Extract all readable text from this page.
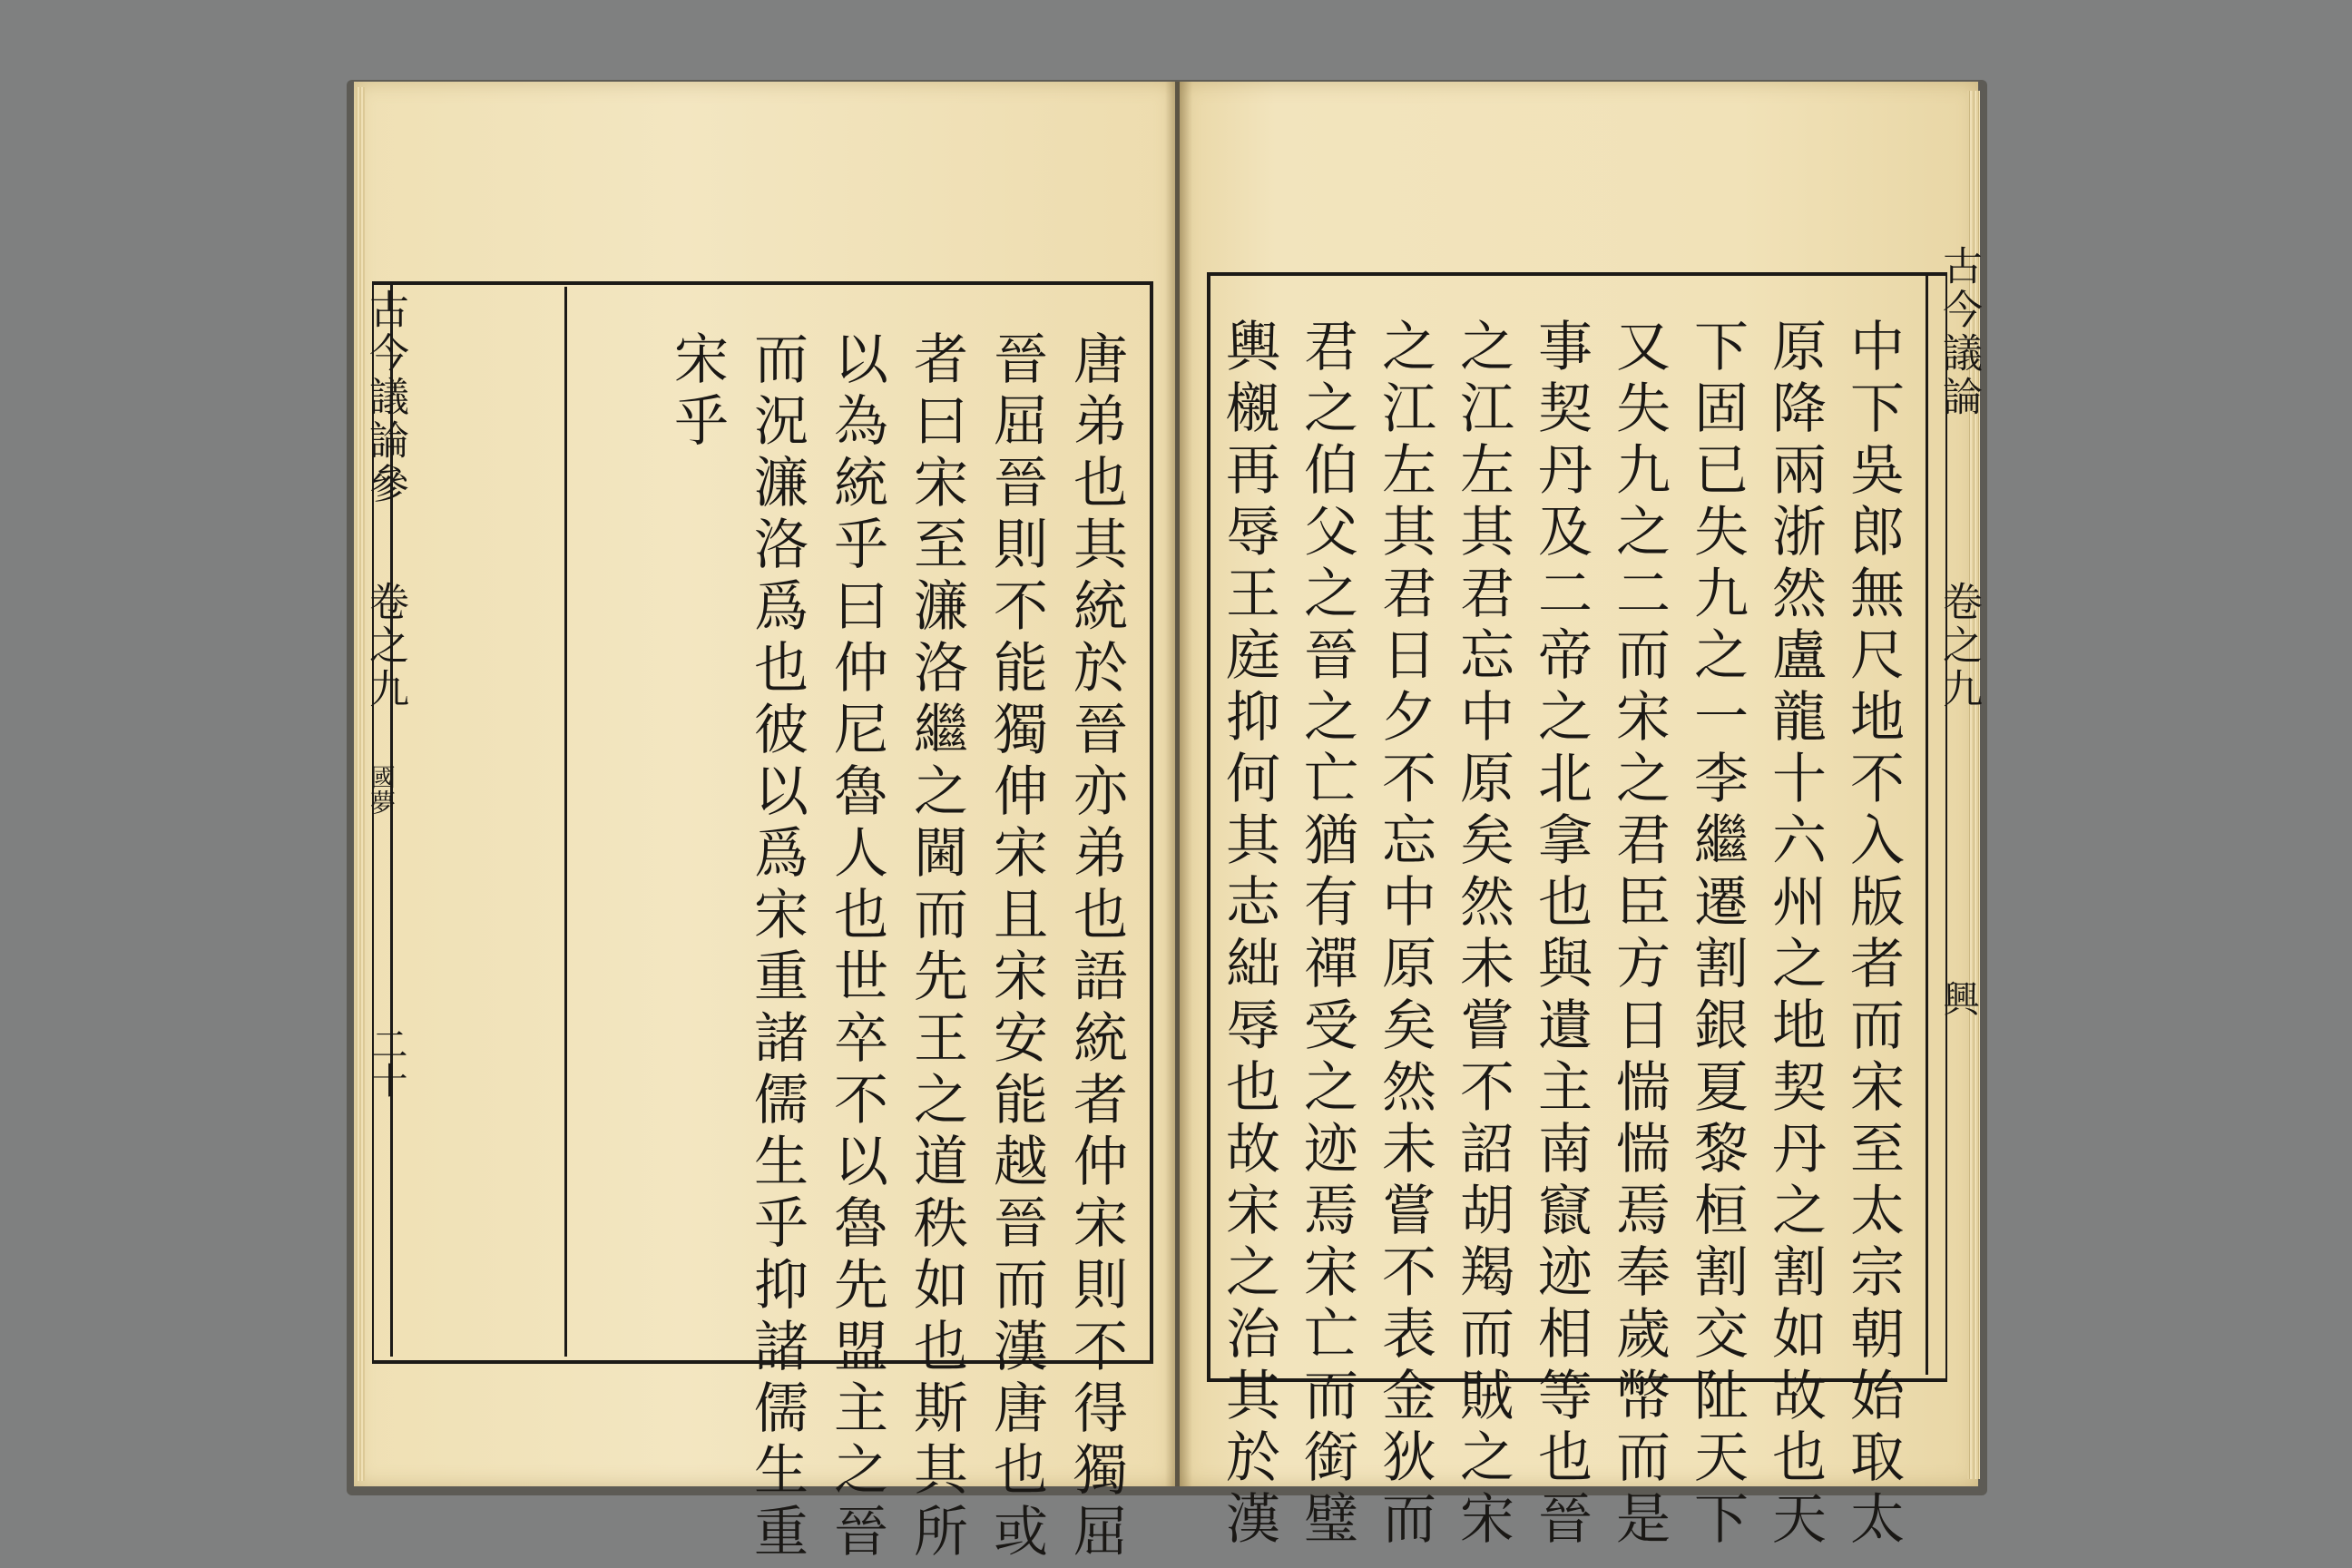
古今議論參
卷之九
國夢
二十	唐弟也其統於晉亦弟也語統者仲宋則不得獨屈
晉屈晉則不能獨伸宋且宋安能越晉而漢唐也或
者曰宋至濂洛繼之閫而先王之道秩如也斯其所
以為統乎曰仲尼魯人也世卒不以魯先盟主之晉
而況濂洛爲也彼以爲宋重諸儒生乎抑諸儒生重
宋乎	古今議論
卷之九
興
中下吳郎無尺地不入版者而宋至太宗朝始取太
原降兩浙然盧龍十六州之地契丹之割如故也天
下固已失九之一李繼遷割銀夏黎桓割交阯天下
又失九之二而宋之君臣方日惴惴焉奉歲幣而是
事契丹及二帝之北拿也與遺主南竄迹相等也晉
之江左其君忘中原矣然未嘗不詔胡羯而賊之宋
之江左其君日夕不忘中原矣然未嘗不表金狄而
君之伯父之晉之亡猶有禪受之迹焉宋亡而銜璧
輿櫬再辱王庭抑何其志絀辱也故宋之治其於漢
